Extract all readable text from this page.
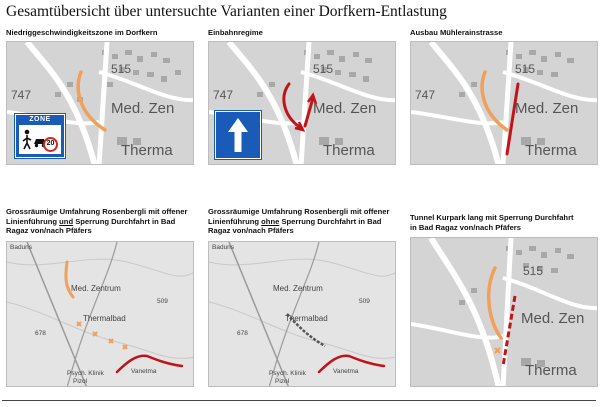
Gesamtübersicht über untersuchte Varianten einer Dorfkern-Entlastung
Niedriggeschwindigkeitszone im Dorfkern
515
747
Med. Zen
Therma
ZONE
20
Einbahnregime
515
747
Med. Zen
Therma
Ausbau Mühlerainstrasse
515
747
Med. Zen
Therma
Grossräumige Umfahrung Rosenbergli mit offener
Linienführung und Sperrung Durchfahrt in Bad
Ragaz von/nach Pfäfers
Med. Zentrum
Thermalbad
509
678
Psych. Klinik
Pizol
Vanetma
Baduns
Grossräumige Umfahrung Rosenbergli mit offener
Linienführung ohne Sperrung Durchfahrt in Bad
Ragaz von/nach Pfäfers
Med. Zentrum
Thermalbad
509
678
Psych. Klinik
Pizol
Vanetma
Baduns
Tunnel Kurpark lang mit Sperrung Durchfahrt
in Bad Ragaz von/nach Pfäfers
515
Med. Zen
Therma
